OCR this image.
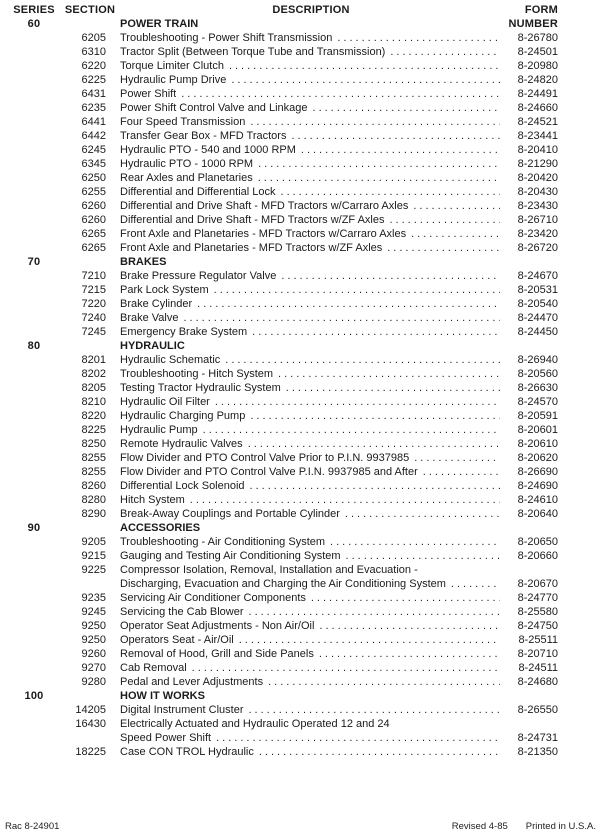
SERIES SECTION	DESCRIPTION	FORM
NUMBER
60	POWER TRAIN
6205 Troubleshooting - Power Shift Transmission .....	8-26780
6310 Tractor Split (Between Torque Tube and Transmission) .....	8-24501
6220 Torque Limiter Clutch .....	8-20980
6225 Hydraulic Pump Drive .....	8-24820
6431 Power Shift .....	8-24491
6235 Power Shift Control Valve and Linkage .....	8-24660
6441 Four Speed Transmission .....	8-24521
6442 Transfer Gear Box - MFD Tractors .....	8-23441
6245 Hydraulic PTO - 540 and 1000 RPM .....	8-20410
6345 Hydraulic PTO - 1000 RPM .....	8-21290
6250 Rear Axles and Planetaries .....	8-20420
6255 Differential and Differential Lock .....	8-20430
6260 Differential and Drive Shaft - MFD Tractors w/Carraro Axles .....	8-23430
6260 Differential and Drive Shaft - MFD Tractors w/ZF Axles .....	8-26710
6265 Front Axle and Planetaries - MFD Tractors w/Carraro Axles .....	8-23420
6265 Front Axle and Planetaries - MFD Tractors w/ZF Axles .....	8-26720
70	BRAKES
7210 Brake Pressure Regulator Valve .....	8-24670
7215 Park Lock System .....	8-20531
7220 Brake Cylinder .....	8-20540
7240 Brake Valve .....	8-24470
7245 Emergency Brake System .....	8-24450
80	HYDRAULIC
8201 Hydraulic Schematic .....	8-26940
8202 Troubleshooting - Hitch System .....	8-20560
8205 Testing Tractor Hydraulic System .....	8-26630
8210 Hydraulic Oil Filter .....	8-24570
8220 Hydraulic Charging Pump .....	8-20591
8225 Hydraulic Pump .....	8-20601
8250 Remote Hydraulic Valves .....	8-20610
8255 Flow Divider and PTO Control Valve Prior to P.I.N. 9937985 .....	8-20620
8255 Flow Divider and PTO Control Valve P.I.N. 9937985 and After .....	8-26690
8260 Differential Lock Solenoid .....	8-24690
8280 Hitch System .....	8-24610
8290 Break-Away Couplings and Portable Cylinder .....	8-20640
90	ACCESSORIES
9205 Troubleshooting - Air Conditioning System .....	8-20650
9215 Gauging and Testing Air Conditioning System .....	8-20660
9225 Compressor Isolation, Removal, Installation and Evacuation -
Discharging, Evacuation and Charging the Air Conditioning System .....	8-20670
9235 Servicing Air Conditioner Components .....	8-24770
9245 Servicing the Cab Blower .....	8-25580
9250 Operator Seat Adjustments - Non Air/Oil .....	8-24750
9250 Operators Seat - Air/Oil .....	8-25511
9260 Removal of Hood, Grill and Side Panels .....	8-20710
9270 Cab Removal .....	8-24511
9280 Pedal and Lever Adjustments .....	8-24680
100	HOW IT WORKS
14205 Digital Instrument Cluster .....	8-26550
16430 Electrically Actuated and Hydraulic Operated 12 and 24
Speed Power Shift .....	8-24731
18225 Case CON TROL Hydraulic .....	8-21350
Rac 8-24901	Revised 4-85 Printed in U.S.A.
